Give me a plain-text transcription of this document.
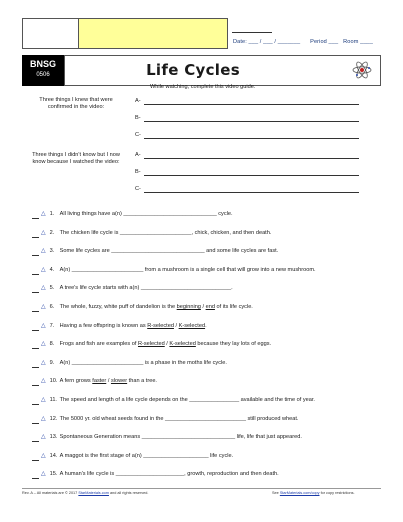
Date: ___ / ___ / _______      Period ___   Room ____
BNSG
0506	Life Cycles
While watching, complete this video guide.
Three things I knew that were confirmed in the video:
A-
B-
C-
Three things I didn't know but I now know because I watched the video:
A-
B-
C-
△ 1. All living things have a(n) ______________________________ cycle.
△ 2. The chicken life cycle is _______________________, chick, chicken, and then death.
△ 3. Some life cycles are ______________________________ and some life cycles are fast.
△ 4. A(n) _______________________ from a mushroom is a single cell that will grow into a new mushroom.
△ 5. A tree's life cycle starts with a(n) _____________________________.
△ 6. The whole, fuzzy, white puff of dandelion is the beginning / end of its life cycle.
△ 7. Having a few offspring is known as R-selected / K-selected.
△ 8. Frogs and fish are examples of R-selected / K-selected because they lay lots of eggs.
△ 9. A(n) _______________________ is a phase in the moths life cycle.
△ 10. A fern grows faster / slower than a tree.
△ 11. The speed and length of a life cycle depends on the ________________ available and the time of year.
△ 12. The 5000 yr. old wheat seeds found in the __________________________ still produced wheat.
△ 13. Spontaneous Generation means ______________________________ life, life that just appeared.
△ 14. A maggot is the first stage of a(n) _____________________ life cycle.
△ 15. A human's life cycle is ______________________, growth, reproduction and then death.
Rev. A – All materials are © 2017 StarMaterials.com and all rights reserved.	See StarMaterials.com/copy for copy restrictions.
